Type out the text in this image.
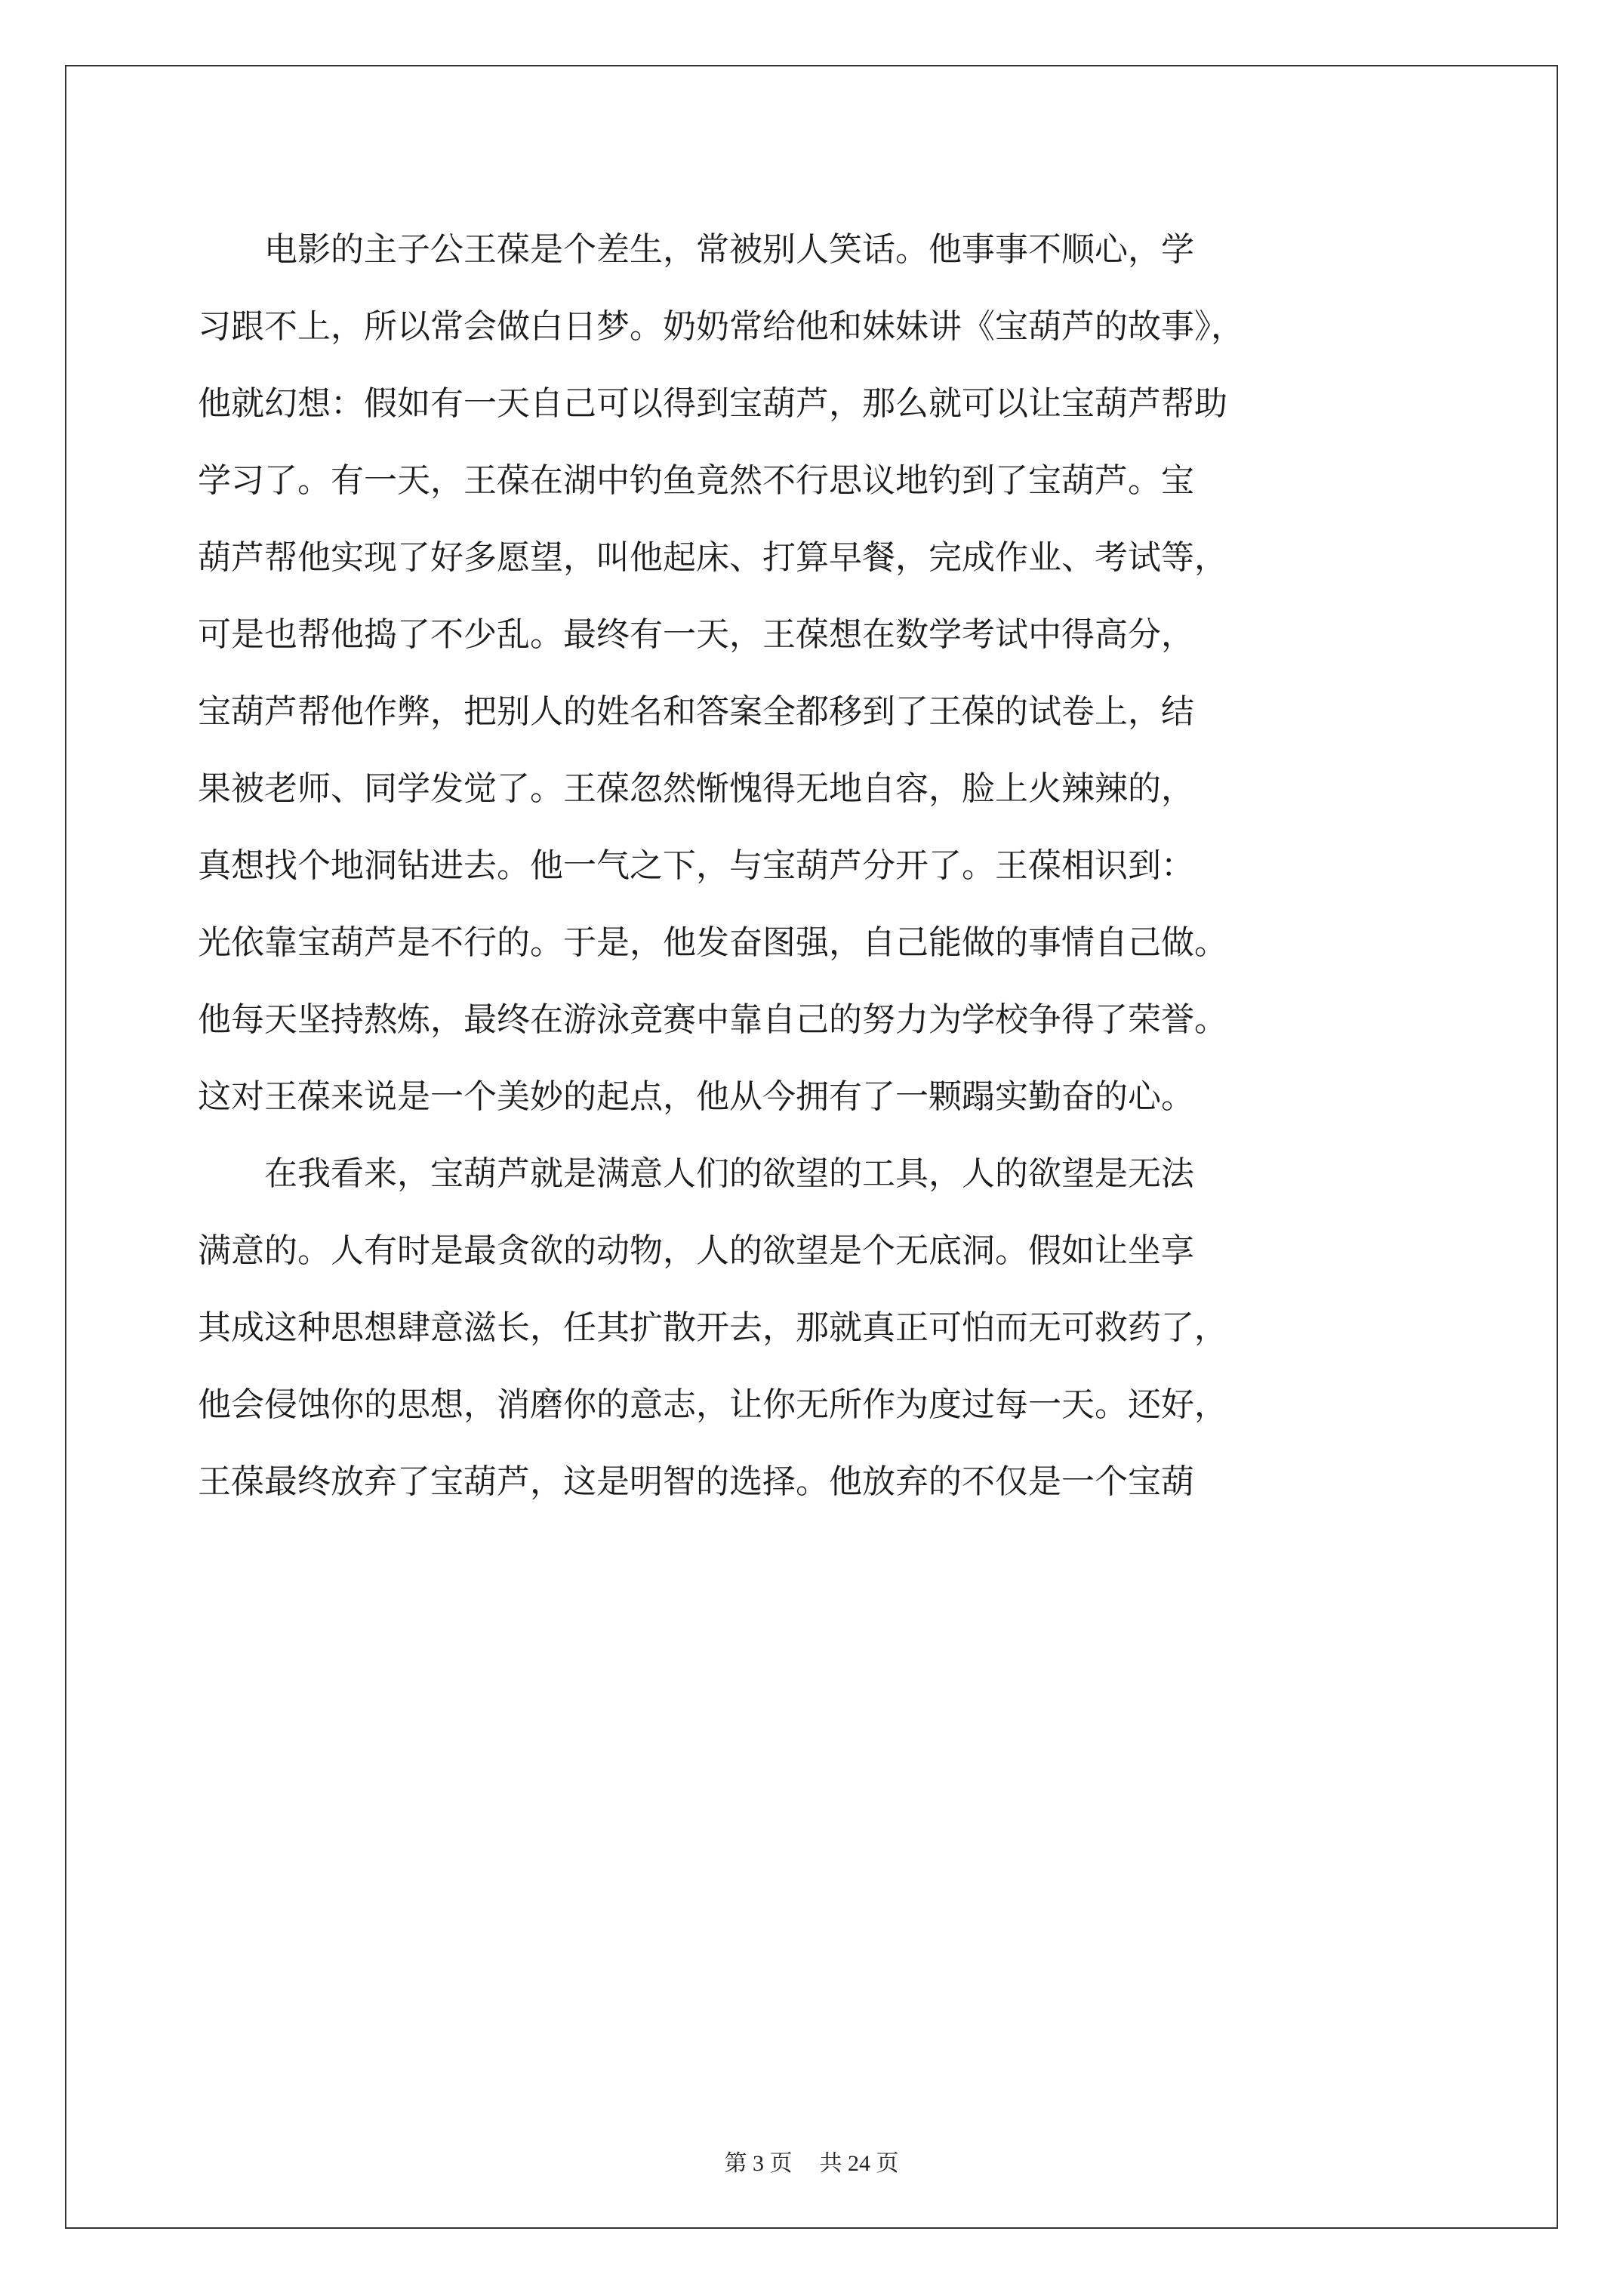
　　电影的主子公王葆是个差生，常被别人笑话。他事事不顺心，学
习跟不上，所以常会做白日梦。奶奶常给他和妹妹讲《宝葫芦的故事》，
他就幻想：假如有一天自己可以得到宝葫芦，那么就可以让宝葫芦帮助
学习了。有一天，王葆在湖中钓鱼竟然不行思议地钓到了宝葫芦。宝
葫芦帮他实现了好多愿望，叫他起床、打算早餐，完成作业、考试等，
可是也帮他捣了不少乱。最终有一天，王葆想在数学考试中得高分，
宝葫芦帮他作弊，把别人的姓名和答案全都移到了王葆的试卷上，结
果被老师、同学发觉了。王葆忽然惭愧得无地自容，脸上火辣辣的，
真想找个地洞钻进去。他一气之下，与宝葫芦分开了。王葆相识到：
光依靠宝葫芦是不行的。于是，他发奋图强，自己能做的事情自己做。
他每天坚持熬炼，最终在游泳竞赛中靠自己的努力为学校争得了荣誉。
这对王葆来说是一个美妙的起点，他从今拥有了一颗蹋实勤奋的心。
　　在我看来，宝葫芦就是满意人们的欲望的工具，人的欲望是无法
满意的。人有时是最贪欲的动物，人的欲望是个无底洞。假如让坐享
其成这种思想肆意滋长，任其扩散开去，那就真正可怕而无可救药了，
他会侵蚀你的思想，消磨你的意志，让你无所作为度过每一天。还好，
王葆最终放弃了宝葫芦，这是明智的选择。他放弃的不仅是一个宝葫
第 3 页 共 24 页
